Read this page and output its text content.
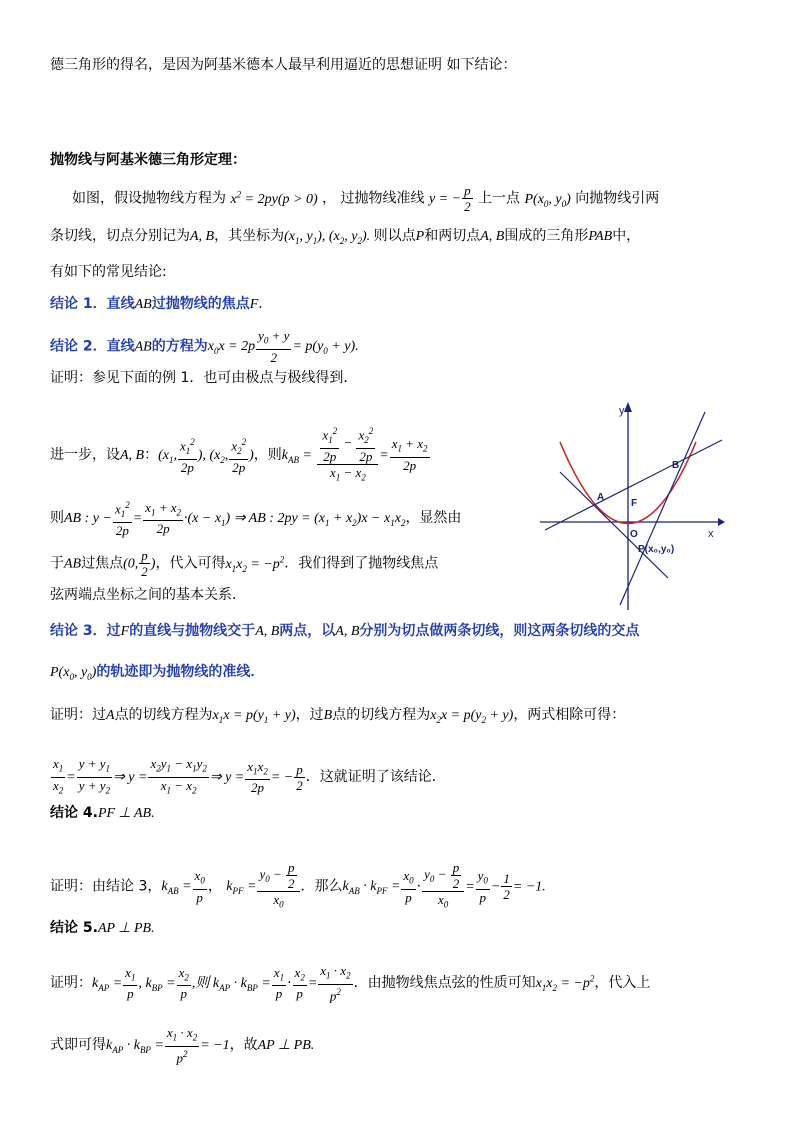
德三角形的得名，是因为阿基米德本人最早利用逼近的思想证明 如下结论：
抛物线与阿基米德三角形定理：
如图，假设抛物线方程为 $x^2 = 2py(p > 0)$ ， 过抛物线准线 y = − $\frac{p}{2}$ 上一点 $P(x_0$, $y_0$) 向抛物线引两
条切线，切点分别记为A, B，其坐标为($x_1$, $y_1$), ($x_2$, $y_2$). 则以点P和两切点A, B围成的三角形PAB中，
有如下的常见结论:
结论 1．直线AB过抛物线的焦点F.
结论 2．直线AB的方程为$x_0x = 2p \frac{y_0 + y}{2} = p(y_0 + y)$.
证明：参见下面的例 1．也可由极点与极线得到．
进一步，设A, B：($x_1$, $\frac{x_1^2}{2p}$ ), ($x_2$, $\frac{x_2^2}{2p}$ )，则$k_{AB} = \frac{\frac{x_1^2}{2p} - \frac{x_2^2}{2p}}{x_1 - x_2} = \frac{x_1 + x_2}{2p}$
则AB : $y - \frac{x_1^2}{2p} = \frac{x_1 + x_2}{2p} \cdot(x - x_1)$ ⇒ AB : $2py = (x_1 + x_2)x - x_1x_2$，显然由
于AB过焦点(0, $\frac{p}{2}$ )，代入可得$x_1x_2 = -p^2$．我们得到了抛物线焦点
弦两端点坐标之间的基本关系．
结论 3．过F的直线与抛物线交于A, B两点，以A, B分别为切点做两条切线，则这两条切线的交点
$P(x_0$, $y_0$)的轨迹即为抛物线的准线．
证明：过A点的切线方程为$x_1x = p(y_1 + y)$，过B点的切线方程为$x_2x = p(y_2 + y)$，两式相除可得：
$\frac{x_1}{x_2} = \frac{y + y_1}{y + y_2}$ ⇒ $y = \frac{x_2y_1 - x_1y_2}{x_1 - x_2}$ ⇒ $y = \frac{x_1x_2}{2p}$ = − $\frac{p}{2}$ ．这就证明了该结论．
结论 4.PF ⊥ AB.
证明：由结论 3，$k_{AB} = \frac{x_0}{p}$ ， $k_{PF} = \frac{y_0 - \frac{p}{2}}{x_0}$ ．那么$k_{AB} \cdot k_{PF} = \frac{x_0}{p} \cdot \frac{y_0 - \frac{p}{2}}{x_0} = \frac{y_0}{p} - \frac{1}{2} = -1$.
结论 5.AP ⊥ PB.
证明：$k_{AP} = \frac{x_1}{p}$ , $k_{BP} = \frac{x_2}{p}$ ,则 $k_{AP} \cdot k_{BP} = \frac{x_1}{p} \cdot \frac{x_2}{p} = \frac{x_1 \cdot x_2}{p^2}$ ．由抛物线焦点弦的性质可知$x_1x_2 = -p^2$，代入上
式即可得$k_{AP} \cdot k_{BP} = \frac{x_1 \cdot x_2}{p^2} = -1$，故AP ⊥ PB.
y
x
A
B
F
O
P(x₀,y₀)
